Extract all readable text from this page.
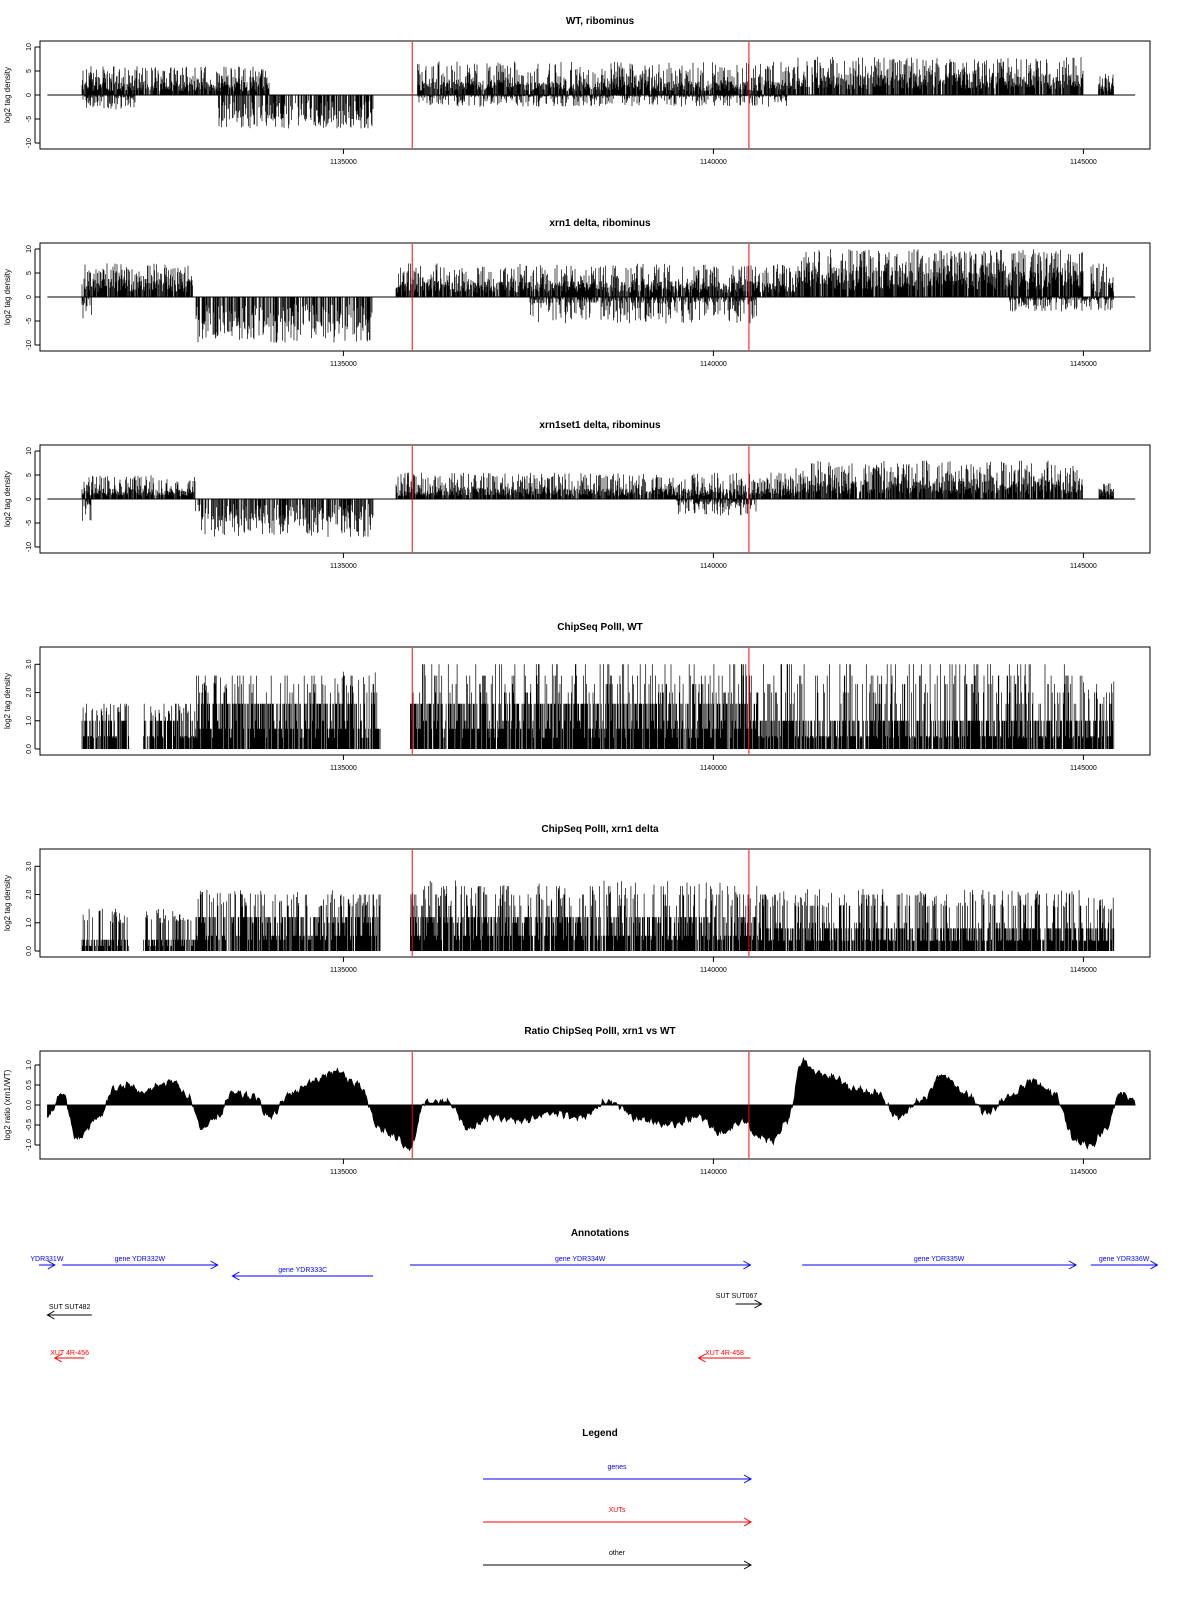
WT, ribominus
log2 tag density
-10
-5
0
5
10
1135000	1140000	1145000
xrn1 delta, ribominus
log2 tag density
-10
-5
0
5
10
1135000	1140000	1145000
xrn1set1 delta, ribominus
log2 tag density
-10
-5
0
5
10
1135000	1140000	1145000
ChipSeq PolII, WT
log2 tag density
0.0
1.0
2.0
3.0
1135000	1140000	1145000
ChipSeq PolII, xrn1 delta
log2 tag density
0.0
1.0
2.0
3.0
1135000	1140000	1145000
Ratio ChipSeq PolII, xrn1 vs WT
log2 ratio (xrn1/WT)
-1.0
-0.5
0.0
0.5
1.0
1135000	1140000	1145000
Annotations
YDR331W	gene YDR332W
gene YDR333C
gene YDR334W	gene YDR335W	gene YDR336W
SUT SUT482
SUT SUT067
XUT 4R-456	XUT 4R-458
Legend
genes
XUTs
other
